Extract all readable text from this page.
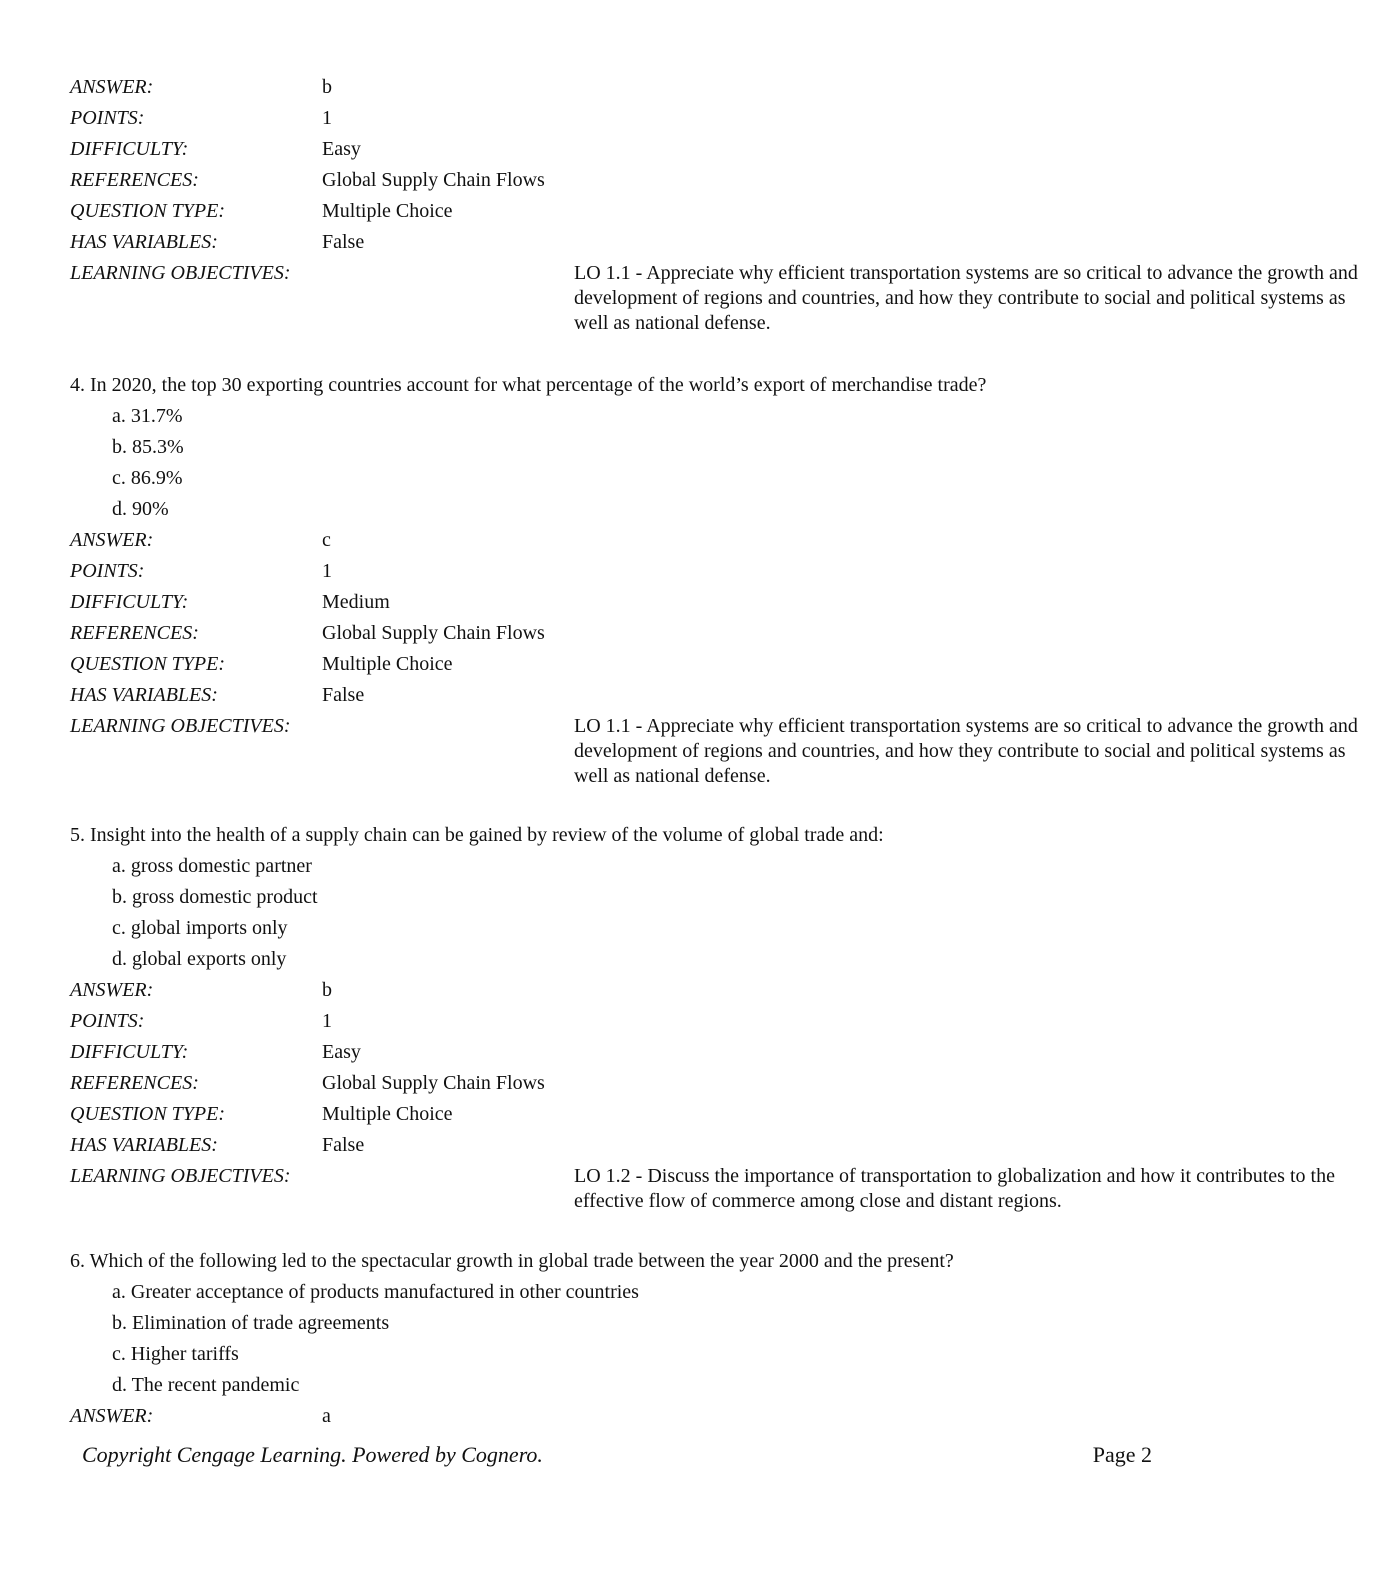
ANSWER:	b
POINTS:	1
DIFFICULTY:	Easy
REFERENCES:	Global Supply Chain Flows
QUESTION TYPE:	Multiple Choice
HAS VARIABLES:	False
LEARNING OBJECTIVES:	LO 1.1 - Appreciate why efficient transportation systems are so critical to advance the growth and development of regions and countries, and how they contribute to social and political systems as well as national defense.
4. In 2020, the top 30 exporting countries account for what percentage of the world’s export of merchandise trade?
a. 31.7%
b. 85.3%
c. 86.9%
d. 90%
ANSWER:	c
POINTS:	1
DIFFICULTY:	Medium
REFERENCES:	Global Supply Chain Flows
QUESTION TYPE:	Multiple Choice
HAS VARIABLES:	False
LEARNING OBJECTIVES:	LO 1.1 - Appreciate why efficient transportation systems are so critical to advance the growth and development of regions and countries, and how they contribute to social and political systems as well as national defense.
5. Insight into the health of a supply chain can be gained by review of the volume of global trade and:
a. gross domestic partner
b. gross domestic product
c. global imports only
d. global exports only
ANSWER:	b
POINTS:	1
DIFFICULTY:	Easy
REFERENCES:	Global Supply Chain Flows
QUESTION TYPE:	Multiple Choice
HAS VARIABLES:	False
LEARNING OBJECTIVES:	LO 1.2 - Discuss the importance of transportation to globalization and how it contributes to the effective flow of commerce among close and distant regions.
6. Which of the following led to the spectacular growth in global trade between the year 2000 and the present?
a. Greater acceptance of products manufactured in other countries
b. Elimination of trade agreements
c. Higher tariffs
d. The recent pandemic
ANSWER:	a
Copyright Cengage Learning. Powered by Cognero.	Page 2
